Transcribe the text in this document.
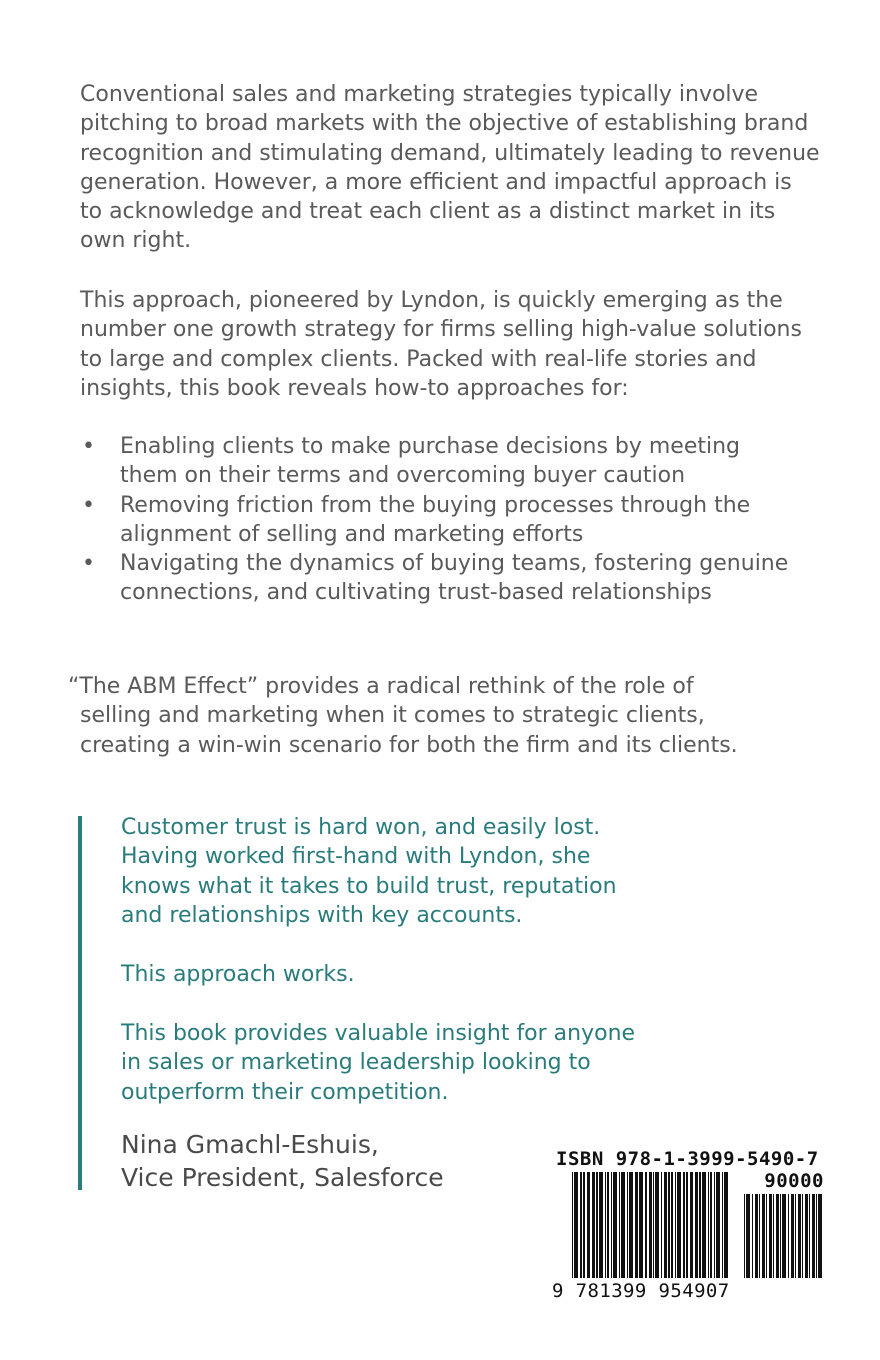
Conventional sales and marketing strategies typically involve pitching to broad markets with the objective of establishing brand recognition and stimulating demand, ultimately leading to revenue generation. However, a more efficient and impactful approach is to acknowledge and treat each client as a distinct market in its own right.

This approach, pioneered by Lyndon, is quickly emerging as the number one growth strategy for firms selling high-value solutions to large and complex clients. Packed with real-life stories and insights, this book reveals how-to approaches for:

• Enabling clients to make purchase decisions by meeting them on their terms and overcoming buyer caution
• Removing friction from the buying processes through the alignment of selling and marketing efforts
• Navigating the dynamics of buying teams, fostering genuine connections, and cultivating trust-based relationships
“The ABM Effect” provides a radical rethink of the role of
selling and marketing when it comes to strategic clients,
creating a win-win scenario for both the firm and its clients.

Customer trust is hard won, and easily lost. Having worked first-hand with Lyndon, she knows what it takes to build trust, reputation and relationships with key accounts.

This approach works.

This book provides valuable insight for anyone in sales or marketing leadership looking to outperform their competition.

Nina Gmachl-Eshuis,
Vice President, Salesforce
ISBN 978-1-3999-5490-7
90000
9 781399 954907
